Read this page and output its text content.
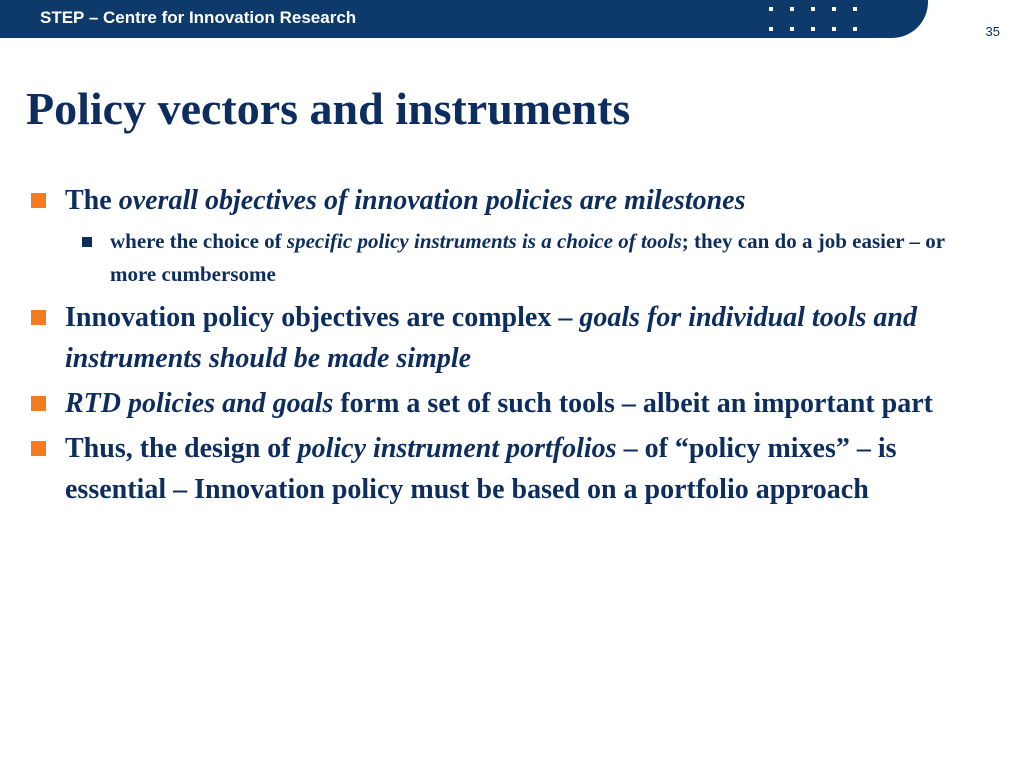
STEP – Centre for Innovation Research
35
Policy vectors and instruments

The overall objectives of innovation policies are milestones

where the choice of specific policy instruments is a choice of tools; they can do a job easier – or more cumbersome

Innovation policy objectives are complex – goals for individual tools and instruments should be made simple

RTD policies and goals form a set of such tools – albeit an important part

Thus, the design of policy instrument portfolios – of “policy mixes” – is essential – Innovation policy must be based on a portfolio approach
